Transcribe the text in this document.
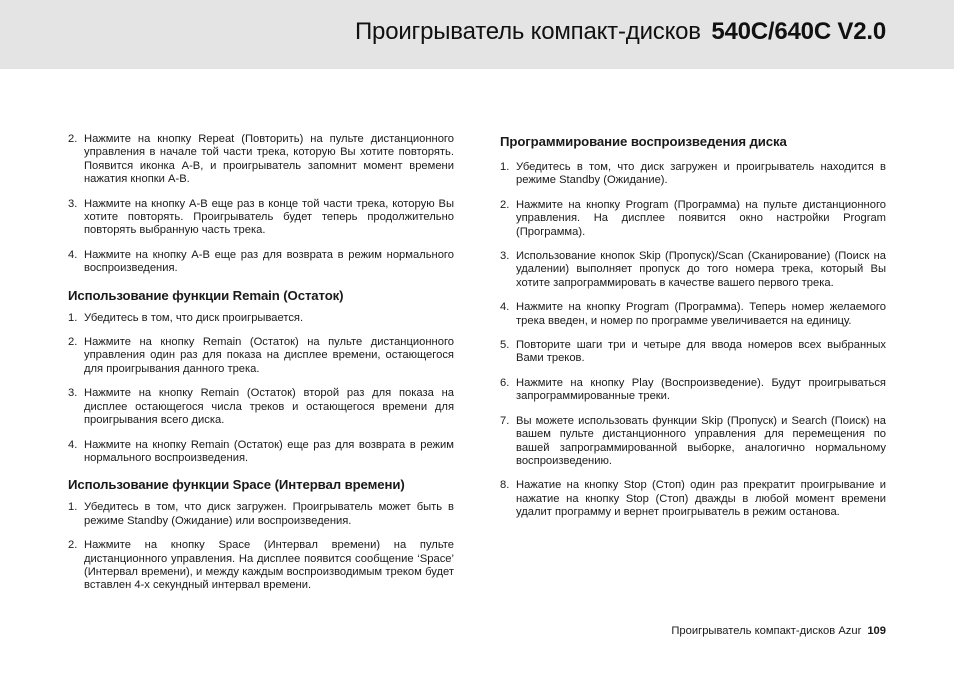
Проигрыватель компакт-дисков 540C/640C V2.0
2. Нажмите на кнопку Repeat (Повторить) на пульте дистанционного управления в начале той части трека, которую Вы хотите повторять. Появится иконка A-B, и проигрыватель запомнит момент времени нажатия кнопки A-B.
3. Нажмите на кнопку A-B еще раз в конце той части трека, которую Вы хотите повторять. Проигрыватель будет теперь продолжительно повторять выбранную часть трека.
4. Нажмите на кнопку A-B еще раз для возврата в режим нормального воспроизведения.
Использование функции Remain (Остаток)
1. Убедитесь в том, что диск проигрывается.
2. Нажмите на кнопку Remain (Остаток) на пульте дистанционного управления один раз для показа на дисплее времени, остающегося для проигрывания данного трека.
3. Нажмите на кнопку Remain (Остаток) второй раз для показа на дисплее остающегося числа треков и остающегося времени для проигрывания всего диска.
4. Нажмите на кнопку Remain (Остаток) еще раз для возврата в режим нормального воспроизведения.
Использование функции Space (Интервал времени)
1. Убедитесь в том, что диск загружен. Проигрыватель может быть в режиме Standby (Ожидание) или воспроизведения.
2. Нажмите на кнопку Space (Интервал времени) на пульте дистанционного управления. На дисплее появится сообщение ‘Space’ (Интервал времени), и между каждым воспроизводимым треком будет вставлен 4-х секундный интервал времени.
Программирование воспроизведения диска
1. Убедитесь в том, что диск загружен и проигрыватель находится в режиме Standby (Ожидание).
2. Нажмите на кнопку Program (Программа) на пульте дистанционного управления. На дисплее появится окно настройки Program (Программа).
3. Использование кнопок Skip (Пропуск)/Scan (Сканирование) (Поиск на удалении) выполняет пропуск до того номера трека, который Вы хотите запрограммировать в качестве вашего первого трека.
4. Нажмите на кнопку Program (Программа). Теперь номер желаемого трека введен, и номер по программе увеличивается на единицу.
5. Повторите шаги три и четыре для ввода номеров всех выбранных Вами треков.
6. Нажмите на кнопку Play (Воспроизведение). Будут проигрываться запрограммированные треки.
7. Вы можете использовать функции Skip (Пропуск) и Search (Поиск) на вашем пульте дистанционного управления для перемещения по вашей запрограммированной выборке, аналогично нормальному воспроизведению.
8. Нажатие на кнопку Stop (Стоп) один раз прекратит проигрывание и нажатие на кнопку Stop (Стоп) дважды в любой момент времени удалит программу и вернет проигрыватель в режим останова.
Проигрыватель компакт-дисков Azur 109
